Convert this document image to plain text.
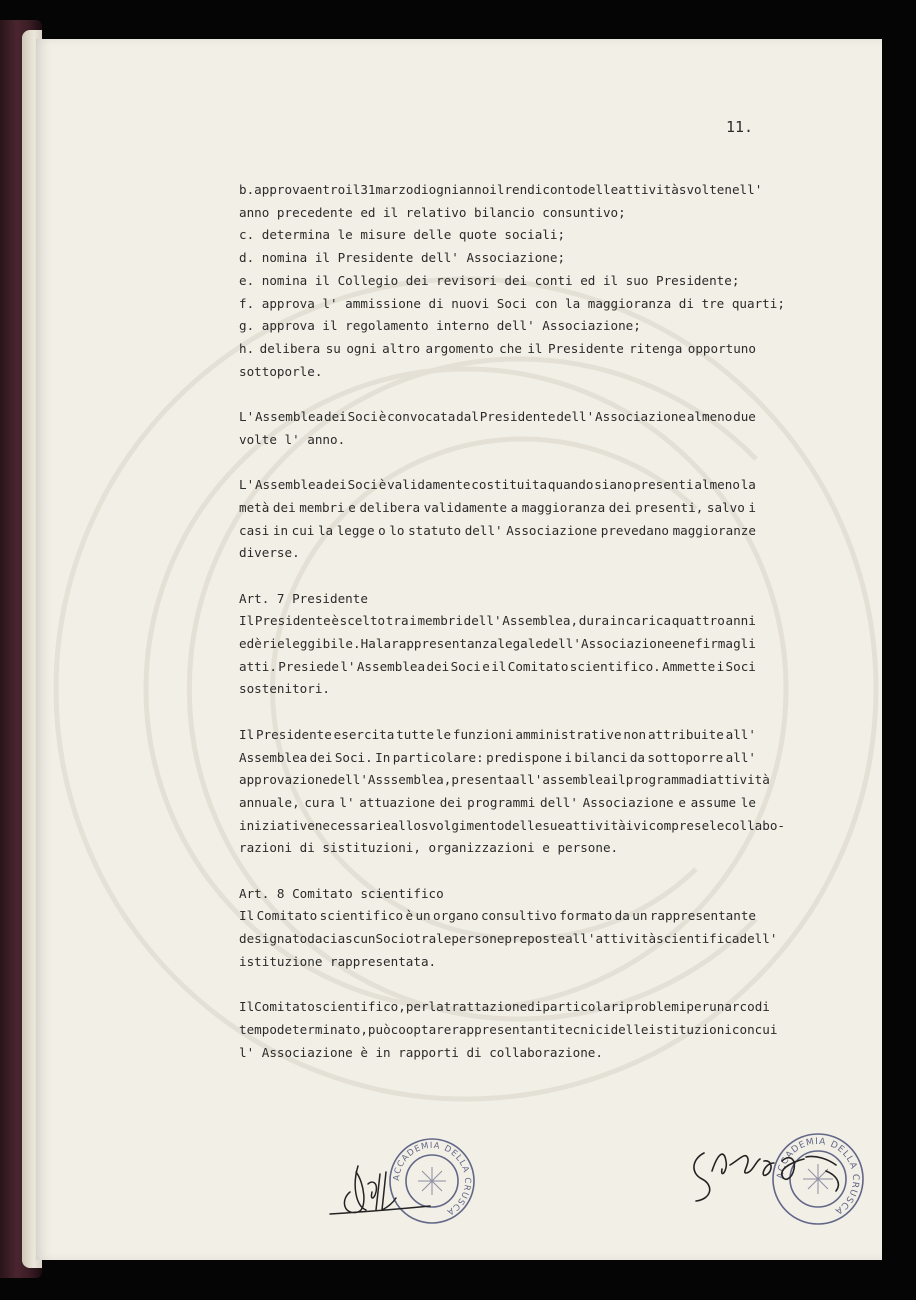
11.
b. approva entro il 31 marzo di ogni anno il rendiconto delle attività svolte nell'
anno precedente ed il relativo bilancio consuntivo;
c. determina le misure delle quote sociali;
d. nomina il Presidente dell' Associazione;
e. nomina il Collegio dei revisori dei conti ed il suo Presidente;
f. approva l' ammissione di nuovi Soci con la maggioranza di tre quarti;
g. approva il regolamento interno dell' Associazione;
h. delibera su ogni altro argomento che il Presidente ritenga opportuno
sottoporle.
L' Assemblea dei Soci è convocata dal Presidente dell' Associazione almeno due
volte l' anno.
L' Assemblea dei Soci è validamente costituita quando siano presenti almeno la
metà dei membri e delibera validamente a maggioranza dei presenti, salvo i
casi in cui la legge o lo statuto dell' Associazione prevedano maggioranze
diverse.
Art. 7 Presidente
Il Presidente è scelto tra i membri dell' Assemblea, dura in carica quattro anni
ed è rieleggibile. Ha la rappresentanza legale dell' Associazione e ne firma gli
atti. Presiede l' Assemblea dei Soci e il Comitato scientifico. Ammette i Soci
sostenitori.
Il Presidente esercita tutte le funzioni amministrative non attribuite all'
Assemblea dei Soci. In particolare: predispone i bilanci da sottoporre all'
approvazione dell' Asssemblea, presenta all' assemblea il programma di attività
annuale, cura l' attuazione dei programmi dell' Associazione e assume le
iniziative necessarie allo svolgimento delle sue attività ivi comprese le collabo-
razioni di sistituzioni, organizzazioni e persone.
Art. 8 Comitato scientifico
Il Comitato scientifico è un organo consultivo formato da un rappresentante
designato da ciascun Socio tra le persone preposte all' attività scientifica dell'
istituzione rappresentata.
Il Comitato scientifico, per la trattazione di particolari problemi per un arco di
tempo determinato, può cooptare rappresentanti tecnici delle istituzioni con cui
l' Associazione è in rapporti di collaborazione.
ACCADEMIA DELLA CRUSCA
ACCADEMIA DELLA CRUSCA
